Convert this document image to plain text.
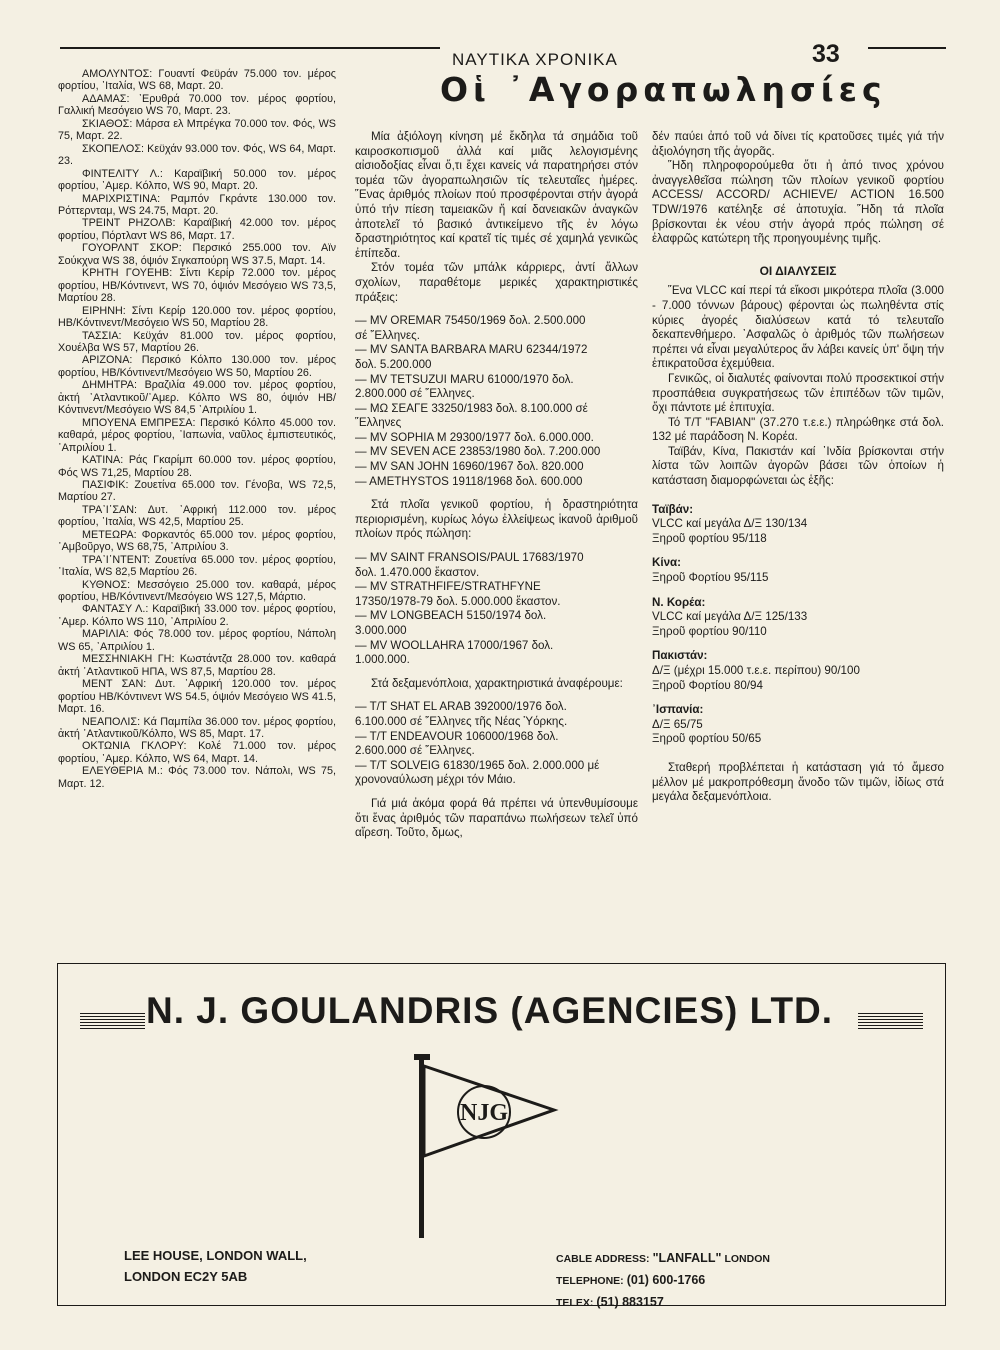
ΝΑΥΤΙΚΑ ΧΡΟΝΙΚΑ	33
Οἱ ᾿Αγοραπωλησίες

ΑΜΟΛΥΝΤΟΣ: Γουαντί Φεϋράν 75.000 τον. μέρος φορτίου, ᾿Ιταλία, WS 68, Μαρτ. 20.

ΑΔΑΜΑΣ: ᾿Ερυθρά 70.000 τον. μέρος φορτίου, Γαλλική Μεσόγειο WS 70, Μαρτ. 23.

ΣΚΙΑΘΟΣ: Μάρσα ελ Μπρέγκα 70.000 τον. Φός, WS 75, Μαρτ. 22.

ΣΚΟΠΕΛΟΣ: Κεϋχάν 93.000 τον. Φός, WS 64, Μαρτ. 23.

ΦΙΝΤΕΛΙΤΥ Λ.: Καραϊβική 50.000 τον. μέρος φορτίου, ᾿Αμερ. Κόλπο, WS 90, Μαρτ. 20.

ΜΑΡΙΧΡΙΣΤΙΝΑ: Ραμπόν Γκράντε 130.000 τον. Ρόττερνταμ, WS 24.75, Μαρτ. 20.

ΤΡΕΙΝΤ ΡΗΖΟΛΒ: Καραϊβική 42.000 τον. μέρος φορτίου, Πόρτλαντ WS 86, Μαρτ. 17.

ΓΟΥΟΡΛΝΤ ΣΚΟΡ: Περσικό 255.000 τον. Αϊν Σούκχνα WS 38, όψιόν Σιγκαπούρη WS 37.5, Μαρτ. 14.

ΚΡΗΤΗ ΓΟΥΕΗΒ: Σίντι Κερίρ 72.000 τον. μέρος φορτίου, ΗΒ/Κόντινεντ, WS 70, όψιόν Μεσόγειο WS 73,5, Μαρτίου 28.

ΕΙΡΗΝΗ: Σίντι Κερίρ 120.000 τον. μέρος φορτίου, ΗΒ/Κόντινεντ/Μεσόγειο WS 50, Μαρτίου 28.

ΤΑΣΣΙΑ: Κεϋχάν 81.000 τον. μέρος φορτίου, Χουέλβα WS 57, Μαρτίου 26.

ΑΡΙΖΟΝΑ: Περσικό Κόλπο 130.000 τον. μέρος φορτίου, ΗΒ/Κόντινεντ/Μεσόγειο WS 50, Μαρτίου 26.

ΔΗΜΗΤΡΑ: Βραζιλία 49.000 τον. μέρος φορτίου, ἀκτή ᾿Ατλαντικοῦ/᾿Αμερ. Κόλπο WS 80, όψιόν ΗΒ/Κόντινεντ/Μεσόγειο WS 84,5 ᾿Απριλίου 1.

ΜΠΟΥΕΝΑ ΕΜΠΡΕΣΑ: Περσικό Κόλπο 45.000 τον. καθαρά, μέρος φορτίου, ᾿Ιαπωνία, ναῦλος ἐμπιστευτικός, ᾿Απριλίου 1.

ΚΑΤΙΝΑ: Ράς Γκαρίμπ 60.000 τον. μέρος φορτίου, Φός WS 71,25, Μαρτίου 28.

ΠΑΣΙΦΙΚ: Ζουετίνα 65.000 τον. Γένοβα, WS 72,5, Μαρτίου 27.

ΤΡΑ᾿Ι᾿ΣΑΝ: Δυτ. ᾿Αφρική 112.000 τον. μέρος φορτίου, ᾿Ιταλία, WS 42,5, Μαρτίου 25.

ΜΕΤΕΩΡΑ: Φορκαντός 65.000 τον. μέρος φορτίου, ᾿Αμβοῦργο, WS 68,75, ᾿Απριλίου 3.

ΤΡΑ᾿Ι᾿ΝΤΕΝΤ: Ζουετίνα 65.000 τον. μέρος φορτίου, ᾿Ιταλία, WS 82,5 Μαρτίου 26.

ΚΥΘΝΟΣ: Μεσσόγειο 25.000 τον. καθαρά, μέρος φορτίου, ΗΒ/Κόντινεντ/Μεσόγειο WS 127,5, Μάρτιο.

ΦΑΝΤΑΣΥ Λ.: Καραϊβική 33.000 τον. μέρος φορτίου, ᾿Αμερ. Κόλπο WS 110, ᾿Απριλίου 2.

ΜΑΡΙΛΙΑ: Φός 78.000 τον. μέρος φορτίου, Νάπολη WS 65, ᾿Απριλίου 1.

ΜΕΣΣΗΝΙΑΚΗ ΓΗ: Κωστάντζα 28.000 τον. καθαρά ἀκτή ᾿Ατλαντικοῦ ΗΠΑ, WS 87,5, Μαρτίου 28.

ΜΕΝΤ ΣΑΝ: Δυτ. ᾿Αφρική 120.000 τον. μέρος φορτίου ΗΒ/Κόντινεντ WS 54.5, όψιόν Μεσόγειο WS 41.5, Μαρτ. 16.

ΝΕΑΠΟΛΙΣ: Κά Παμπίλα 36.000 τον. μέρος φορτίου, ἀκτή ᾿Ατλαντικοῦ/Κόλπο, WS 85, Μαρτ. 17.

ΟΚΤΩΝΙΑ ΓΚΛΟΡΥ: Κολέ 71.000 τον. μέρος φορτίου, ᾿Αμερ. Κόλπο, WS 64, Μαρτ. 14.

ΕΛΕΥΘΕΡΙΑ Μ.: Φός 73.000 τον. Νάπολι, WS 75, Μαρτ. 12.

Μία ἀξιόλογη κίνηση μέ ἔκδηλα τά σημάδια τοῦ καιροσκοπισμοῦ ἀλλά καί μιᾶς λελογισμένης αἰσιοδοξίας εἶναι ὅ,τι ἔχει κανείς νά παρατηρήσει στόν τομέα τῶν ἀγοραπωλησιῶν τίς τελευταῖες ἡμέρες. ῞Ενας ἀριθμός πλοίων πού προσφέρονται στήν ἀγορά ὑπό τήν πίεση ταμειακῶν ἤ καί δανειακῶν ἀναγκῶν ἀποτελεῖ τό βασικό ἀντικείμενο τῆς ἐν λόγω δραστηριότητος καί κρατεῖ τίς τιμές σέ χαμηλά γενικῶς ἐπίπεδα.

Στόν τομέα τῶν μπάλκ κάρριερς, ἀντί ἄλλων σχολίων, παραθέτομε μερικές χαρακτηριστικές πράξεις:

— MV OREMAR 75450/1969 δολ. 2.500.000
σέ ῞Ελληνες.
— MV SANTA BARBARA MARU 62344/1972
δολ. 5.200.000
— MV TETSUZUI MARU 61000/1970 δολ.
2.800.000 σέ ῞Ελληνες.
— ΜΩ ΣΕΑΓΕ 33250/1983 δολ. 8.100.000 σέ
῞Ελληνες
— MV SOPHIA M 29300/1977 δολ. 6.000.000.
— MV SEVEN ACE 23853/1980 δολ. 7.200.000
— MV SAN JOHN 16960/1967 δολ. 820.000
— AMETHYSTOS 19118/1968 δολ. 600.000

Στά πλοῖα γενικοῦ φορτίου, ἡ δραστηριότητα περιορισμένη, κυρίως λόγω ἐλλείψεως ἱκανοῦ ἀριθμοῦ πλοίων πρός πώληση:

— MV SAINT FRANSOIS/PAUL 17683/1970
δολ. 1.470.000 ἕκαστον.
— MV STRATHFIFE/STRATHFYNE
17350/1978-79 δολ. 5.000.000 ἕκαστον.
— MV LONGBEACH 5150/1974 δολ.
3.000.000
— MV WOOLLAHRA 17000/1967 δολ.
1.000.000.

Στά δεξαμενόπλοια, χαρακτηριστικά ἀναφέρουμε:

— T/T SHAT EL ARAB 392000/1976 δολ.
6.100.000 σέ ῞Ελληνες τῆς Νέας Ὑόρκης.
— T/T ENDEAVOUR 106000/1968 δολ.
2.600.000 σέ ῞Ελληνες.
— T/T SOLVEIG 61830/1965 δολ. 2.000.000 μέ
χρονοναύλωση μέχρι τόν Μάιο.

Γιά μιά ἀκόμα φορά θά πρέπει νά ὑπενθυμίσουμε ὅτι ἕνας ἀριθμός τῶν παραπάνω πωλήσεων τελεῖ ὑπό αἵρεση. Τοῦτο, δμως,

δέν παύει ἀπό τοῦ νά δίνει τίς κρατοῦσες τιμές γιά τήν ἀξιολόγηση τῆς ἀγορᾶς.

῞Ηδη πληροφορούμεθα ὅτι ἡ ἀπό τινος χρόνου ἀναγγελθεῖσα πώληση τῶν πλοίων γενικοῦ φορτίου ACCESS/ ACCORD/ ACHIEVE/ ACTION 16.500 TDW/1976 κατέληξε σέ ἀποτυχία. ῞Ηδη τά πλοῖα βρίσκονται ἐκ νέου στήν ἀγορά πρός πώληση σέ ἐλαφρῶς κατώτερη τῆς προηγουμένης τιμῆς.

ΟΙ ΔΙΑΛΥΣΕΙΣ

῞Ενα VLCC καί περί τά εἴκοσι μικρότερα πλοῖα (3.000 - 7.000 τόννων βάρους) φέρονται ὡς πωληθέντα στίς κύριες ἀγορές διαλύσεων κατά τό τελευταῖο δεκαπενθήμερο. ᾿Ασφαλῶς ὁ ἀριθμός τῶν πωλήσεων πρέπει νά εἶναι μεγαλύτερος ἄν λάβει κανείς ὑπ' ὄψη τήν ἐπικρατοῦσα ἐχεμύθεια.

Γενικῶς, οἱ διαλυτές φαίνονται πολύ προσεκτικοί στήν προσπάθεια συγκρατήσεως τῶν ἐπιπέδων τῶν τιμῶν, ὄχι πάντοτε μέ ἐπιτυχία.

Τό Τ/Τ "FABIAN" (37.270 τ.ε.ε.) πληρώθηκε στά δολ. 132 μέ παράδοση Ν. Κορέα.

Ταϊβάν, Κίνα, Πακιστάν καί ᾿Ινδία βρίσκονται στήν λίστα τῶν λοιπῶν ἀγορῶν βάσει τῶν ὁποίων ἡ κατάσταση διαμορφώνεται ὡς ἑξῆς:

Ταϊβάν:
VLCC καί μεγάλα Δ/Ξ 130/134
Ξηροῦ φορτίου 95/118
Κίνα:
Ξηροῦ Φορτίου 95/115
Ν. Κορέα:
VLCC καί μεγάλα Δ/Ξ 125/133
Ξηροῦ φορτίου 90/110
Πακιστάν:
Δ/Ξ (μέχρι 15.000 τ.ε.ε. περίπου) 90/100
Ξηροῦ Φορτίου 80/94
᾿Ισπανία:
Δ/Ξ 65/75
Ξηροῦ φορτίου 50/65

Σταθερή προβλέπεται ἡ κατάσταση γιά τό ἄμεσο μέλλον μέ μακροπρόθεσμη ἄνοδο τῶν τιμῶν, ἰδίως στά μεγάλα δεξαμενόπλοια.

N. J. GOULANDRIS (AGENCIES) LTD.
NJG
LEE HOUSE, LONDON WALL,
LONDON EC2Y 5AB
CABLE ADDRESS: "LANFALL" LONDON
TELEPHONE: (01) 600-1766
TELEX: (51) 883157
